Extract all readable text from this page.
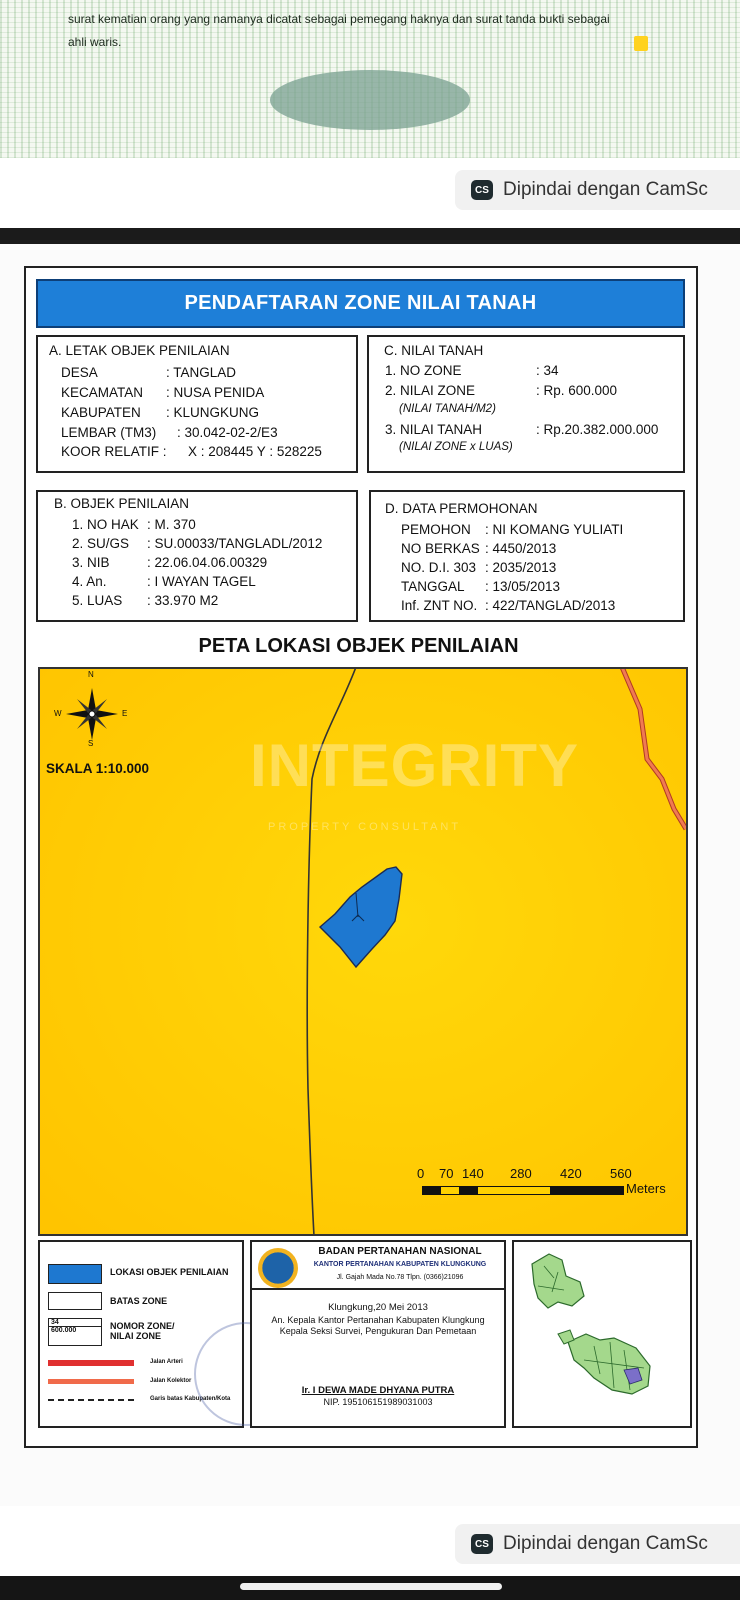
surat kematian orang yang namanya dicatat sebagai pemegang haknya dan surat tanda bukti sebagai
ahli waris.
CS Dipindai dengan CamSc
PENDAFTARAN ZONE NILAI TANAH
A. LETAK OBJEK PENILAIAN
DESA	: TANGLAD
KECAMATAN : NUSA PENIDA
KABUPATEN : KLUNGKUNG
LEMBAR (TM3) : 30.042-02-2/E3
KOOR RELATIF : X : 208445 Y : 528225
C. NILAI TANAH
1. NO ZONE	: 34
2. NILAI ZONE	: Rp. 600.000
(NILAI TANAH/M2)
3. NILAI TANAH	: Rp.20.382.000.000
(NILAI ZONE x LUAS)
B. OBJEK PENILAIAN
1. NO HAK : M. 370
2. SU/GS : SU.00033/TANGLADL/2012
3. NIB	: 22.06.04.06.00329
4. An.	: I WAYAN TAGEL
5. LUAS : 33.970 M2
D. DATA PERMOHONAN
PEMOHON : NI KOMANG YULIATI
NO BERKAS : 4450/2013
NO. D.I. 303 : 2035/2013
TANGGAL : 13/05/2013
Inf. ZNT NO. : 422/TANGLAD/2013
PETA LOKASI OBJEK PENILAIAN
N
S
E
W
SKALA 1:10.000 INTEGRITY
PROPERTY CONSULTANT
0 70 140 280 420 560
Meters
LOKASI OBJEK PENILAIAN
BATAS ZONE
34
600.000	NOMOR ZONE/ NILAI ZONE
Jalan Arteri
Jalan Kolektor
Garis batas Kabupaten/Kota
BADAN PERTANAHAN NASIONAL
KANTOR PERTANAHAN KABUPATEN KLUNGKUNG
Jl. Gajah Mada No.78 Tlpn. (0366)21096
Klungkung,20 Mei 2013
An. Kepala Kantor Pertanahan Kabupaten Klungkung
Kepala Seksi Survei, Pengukuran Dan Pemetaan
Ir. I DEWA MADE DHYANA PUTRA
NIP. 195106151989031003
CS Dipindai dengan CamSc
